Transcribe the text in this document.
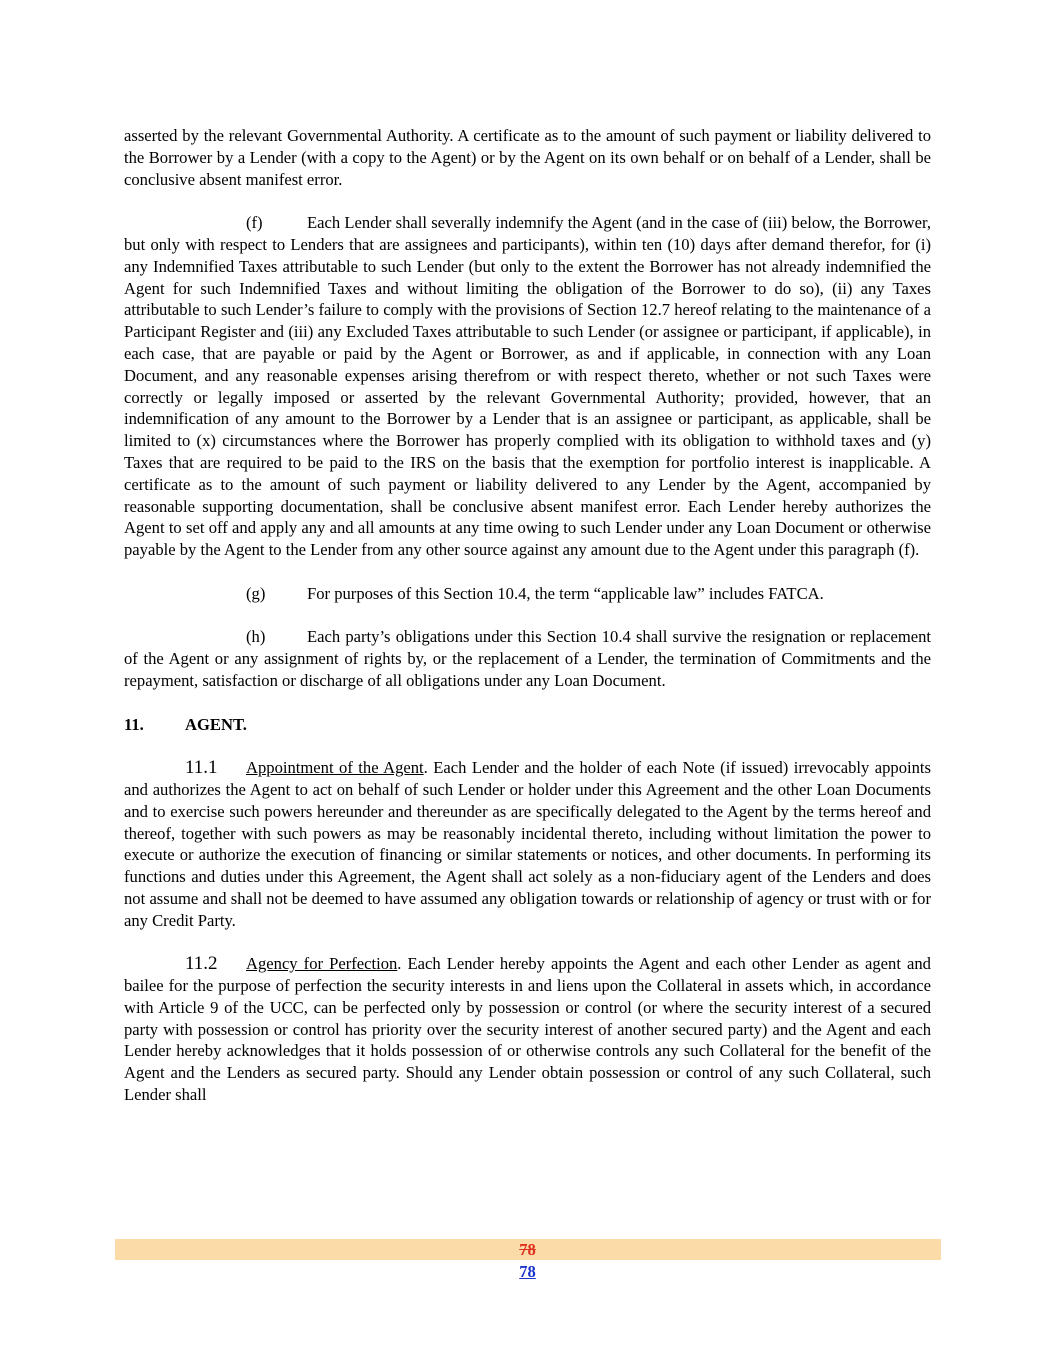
asserted by the relevant Governmental Authority. A certificate as to the amount of such payment or liability delivered to the Borrower by a Lender (with a copy to the Agent) or by the Agent on its own behalf or on behalf of a Lender, shall be conclusive absent manifest error.

(f)	Each Lender shall severally indemnify the Agent (and in the case of (iii) below, the Borrower, but only with respect to Lenders that are assignees and participants), within ten (10) days after demand therefor, for (i) any Indemnified Taxes attributable to such Lender (but only to the extent the Borrower has not already indemnified the Agent for such Indemnified Taxes and without limiting the obligation of the Borrower to do so), (ii) any Taxes attributable to such Lender’s failure to comply with the provisions of Section 12.7 hereof relating to the maintenance of a Participant Register and (iii) any Excluded Taxes attributable to such Lender (or assignee or participant, if applicable), in each case, that are payable or paid by the Agent or Borrower, as and if applicable, in connection with any Loan Document, and any reasonable expenses arising therefrom or with respect thereto, whether or not such Taxes were correctly or legally imposed or asserted by the relevant Governmental Authority; provided, however, that an indemnification of any amount to the Borrower by a Lender that is an assignee or participant, as applicable, shall be limited to (x) circumstances where the Borrower has properly complied with its obligation to withhold taxes and (y) Taxes that are required to be paid to the IRS on the basis that the exemption for portfolio interest is inapplicable. A certificate as to the amount of such payment or liability delivered to any Lender by the Agent, accompanied by reasonable supporting documentation, shall be conclusive absent manifest error. Each Lender hereby authorizes the Agent to set off and apply any and all amounts at any time owing to such Lender under any Loan Document or otherwise payable by the Agent to the Lender from any other source against any amount due to the Agent under this paragraph (f).

(g)	For purposes of this Section 10.4, the term “applicable law” includes FATCA.

(h)	Each party’s obligations under this Section 10.4 shall survive the resignation or replacement of the Agent or any assignment of rights by, or the replacement of a Lender, the termination of Commitments and the repayment, satisfaction or discharge of all obligations under any Loan Document.

11. AGENT.

11.1 Appointment of the Agent. Each Lender and the holder of each Note (if issued) irrevocably appoints and authorizes the Agent to act on behalf of such Lender or holder under this Agreement and the other Loan Documents and to exercise such powers hereunder and thereunder as are specifically delegated to the Agent by the terms hereof and thereof, together with such powers as may be reasonably incidental thereto, including without limitation the power to execute or authorize the execution of financing or similar statements or notices, and other documents. In performing its functions and duties under this Agreement, the Agent shall act solely as a non-fiduciary agent of the Lenders and does not assume and shall not be deemed to have assumed any obligation towards or relationship of agency or trust with or for any Credit Party.

11.2 Agency for Perfection. Each Lender hereby appoints the Agent and each other Lender as agent and bailee for the purpose of perfection the security interests in and liens upon the Collateral in assets which, in accordance with Article 9 of the UCC, can be perfected only by possession or control (or where the security interest of a secured party with possession or control has priority over the security interest of another secured party) and the Agent and each Lender hereby acknowledges that it holds possession of or otherwise controls any such Collateral for the benefit of the Agent and the Lenders as secured party. Should any Lender obtain possession or control of any such Collateral, such Lender shall

78
78
